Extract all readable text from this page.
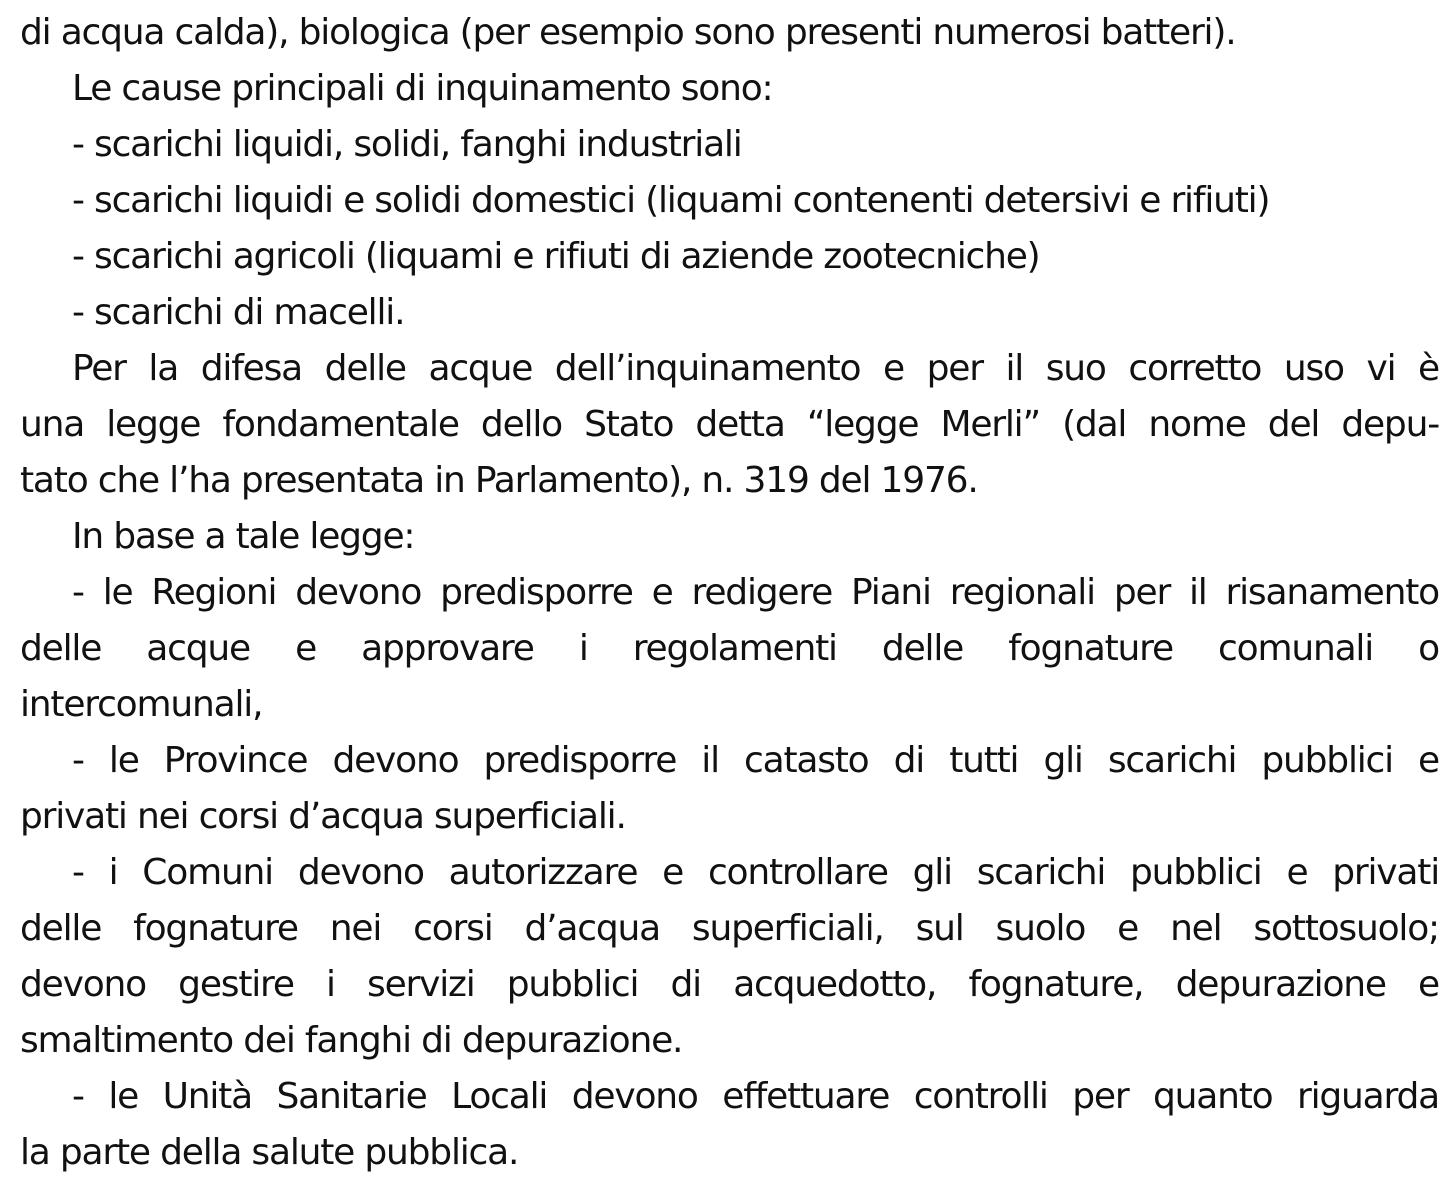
di acqua calda), biologica (per esempio sono presenti numerosi batteri).
Le cause principali di inquinamento sono:
- scarichi liquidi, solidi, fanghi industriali
- scarichi liquidi e solidi domestici (liquami contenenti detersivi e rifiuti)
- scarichi agricoli (liquami e rifiuti di aziende zootecniche)
- scarichi di macelli.
Per la difesa delle acque dell’inquinamento e per il suo corretto uso vi è
una legge fondamentale dello Stato detta “legge Merli” (dal nome del depu-
tato che l’ha presentata in Parlamento), n. 319 del 1976.
In base a tale legge:
- le Regioni devono predisporre e redigere Piani regionali per il risanamento
delle acque e approvare i regolamenti delle fognature comunali o
intercomunali,
- le Province devono predisporre il catasto di tutti gli scarichi pubblici e
privati nei corsi d’acqua superficiali.
- i Comuni devono autorizzare e controllare gli scarichi pubblici e privati
delle fognature nei corsi d’acqua superficiali, sul suolo e nel sottosuolo;
devono gestire i servizi pubblici di acquedotto, fognature, depurazione e
smaltimento dei fanghi di depurazione.
- le Unità Sanitarie Locali devono effettuare controlli per quanto riguarda
la parte della salute pubblica.
